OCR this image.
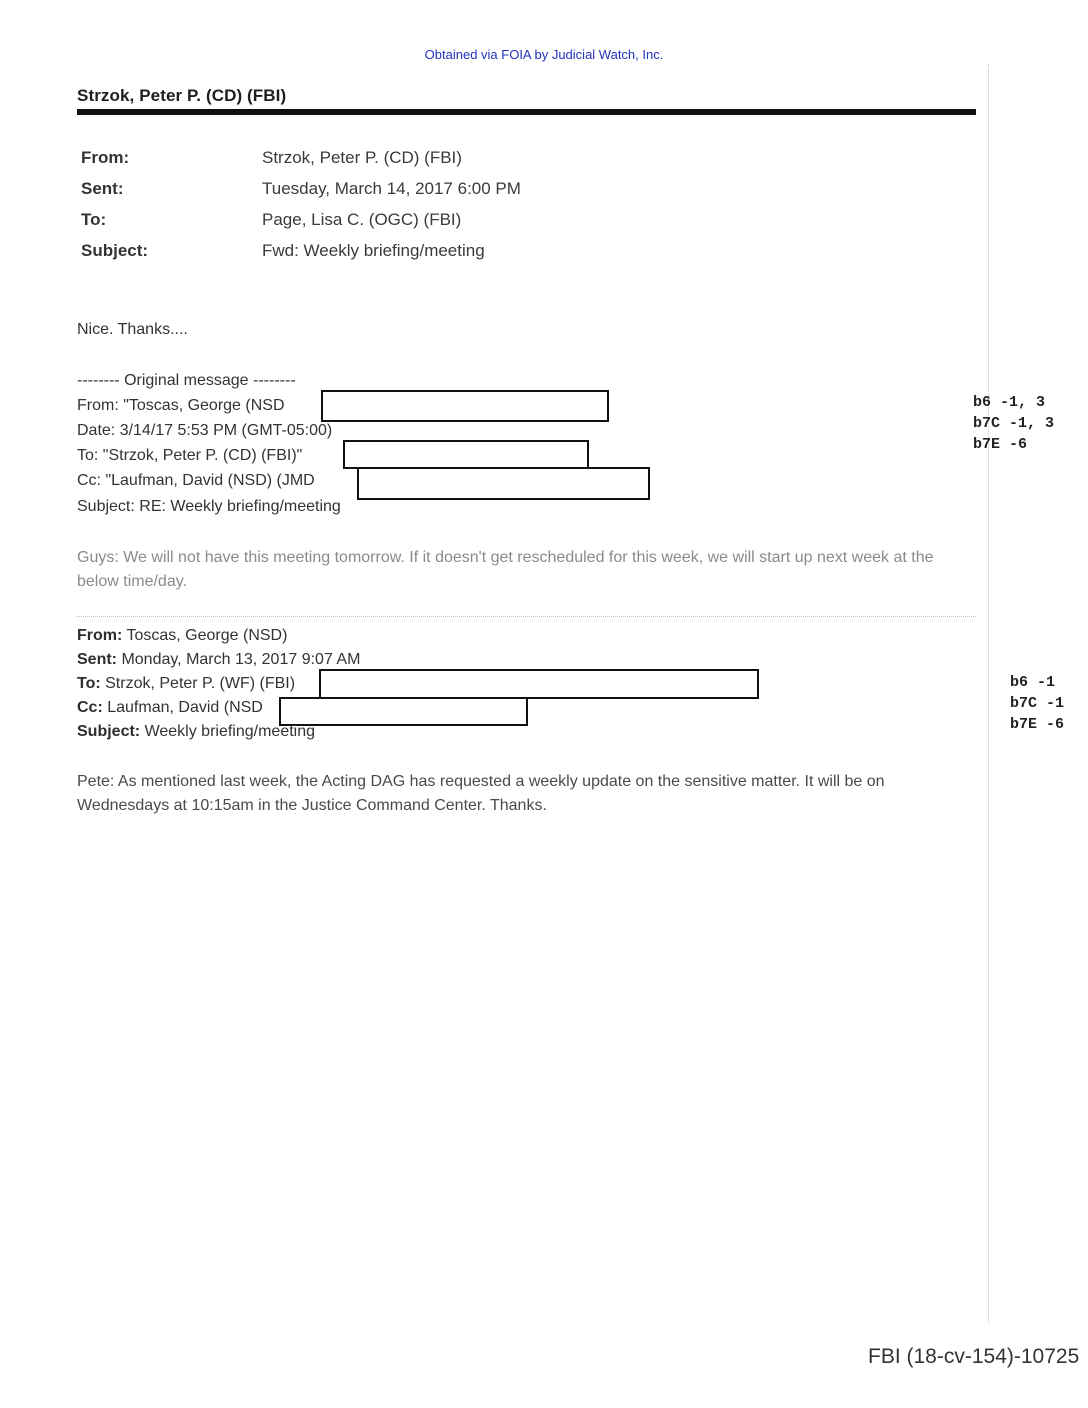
Obtained via FOIA by Judicial Watch, Inc.
Strzok, Peter P. (CD) (FBI)
From:	Strzok, Peter P. (CD) (FBI)
Sent:	Tuesday, March 14, 2017 6:00 PM
To:	Page, Lisa C. (OGC) (FBI)
Subject:	Fwd: Weekly briefing/meeting
Nice. Thanks....
-------- Original message --------
From: "Toscas, George (NSD
Date: 3/14/17 5:53 PM (GMT-05:00)
To: "Strzok, Peter P. (CD) (FBI)"
Cc: "Laufman, David (NSD) (JMD
Subject: RE: Weekly briefing/meeting
Guys: We will not have this meeting tomorrow. If it doesn't get rescheduled for this week, we will start up next week at the below time/day.
b6 -1, 3
b7C -1, 3
b7E -6
From: Toscas, George (NSD)
Sent: Monday, March 13, 2017 9:07 AM
To: Strzok, Peter P. (WF) (FBI)
Cc: Laufman, David (NSD
Subject: Weekly briefing/meeting
Pete: As mentioned last week, the Acting DAG has requested a weekly update on the sensitive matter. It will be on Wednesdays at 10:15am in the Justice Command Center. Thanks.
b6 -1
b7C -1
b7E -6
FBI (18-cv-154)-10725
